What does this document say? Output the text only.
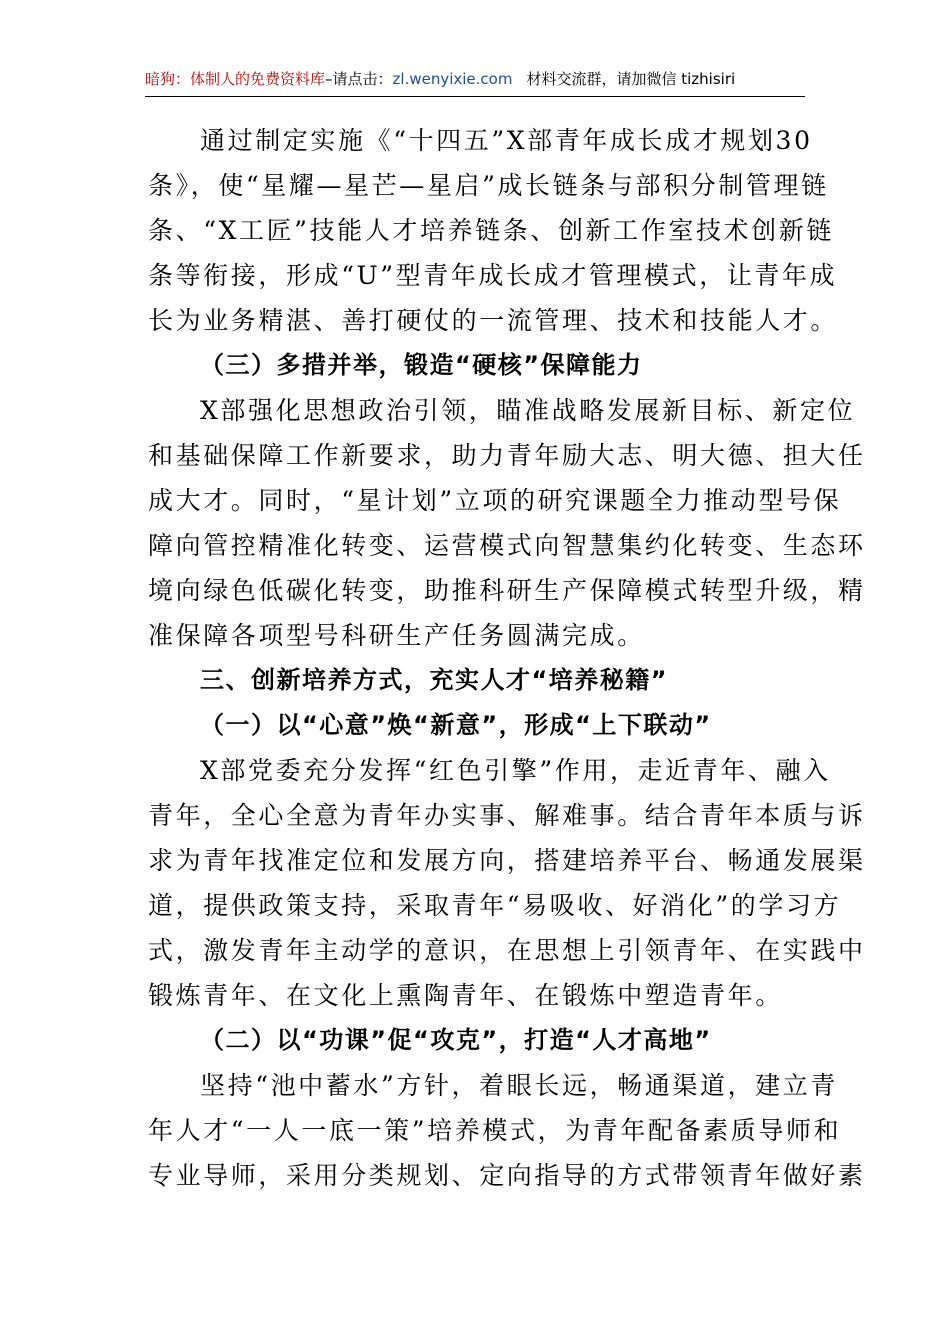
暗狗：体制人的免费资料库–请点击：zl.wenyixie.com 材料交流群，请加微信 tizhisiri

通过制定实施《“十四五”X部青年成长成才规划30

条》，使“星耀—星芒—星启”成长链条与部积分制管理链

条、“X工匠”技能人才培养链条、创新工作室技术创新链

条等衔接，形成“U”型青年成长成才管理模式，让青年成

长为业务精湛、善打硬仗的一流管理、技术和技能人才。

（三）多措并举，锻造“硬核”保障能力

X部强化思想政治引领，瞄准战略发展新目标、新定位

和基础保障工作新要求，助力青年励大志、明大德、担大任

成大才。同时，“星计划”立项的研究课题全力推动型号保

障向管控精准化转变、运营模式向智慧集约化转变、生态环

境向绿色低碳化转变，助推科研生产保障模式转型升级，精

准保障各项型号科研生产任务圆满完成。

三、创新培养方式，充实人才“培养秘籍”

（一）以“心意”焕“新意”，形成“上下联动”

X部党委充分发挥“红色引擎”作用，走近青年、融入

青年，全心全意为青年办实事、解难事。结合青年本质与诉

求为青年找准定位和发展方向，搭建培养平台、畅通发展渠

道，提供政策支持，采取青年“易吸收、好消化”的学习方

式，激发青年主动学的意识，在思想上引领青年、在实践中

锻炼青年、在文化上熏陶青年、在锻炼中塑造青年。

（二）以“功课”促“攻克”，打造“人才高地”

坚持“池中蓄水”方针，着眼长远，畅通渠道，建立青

年人才“一人一底一策”培养模式，为青年配备素质导师和

专业导师，采用分类规划、定向指导的方式带领青年做好素
